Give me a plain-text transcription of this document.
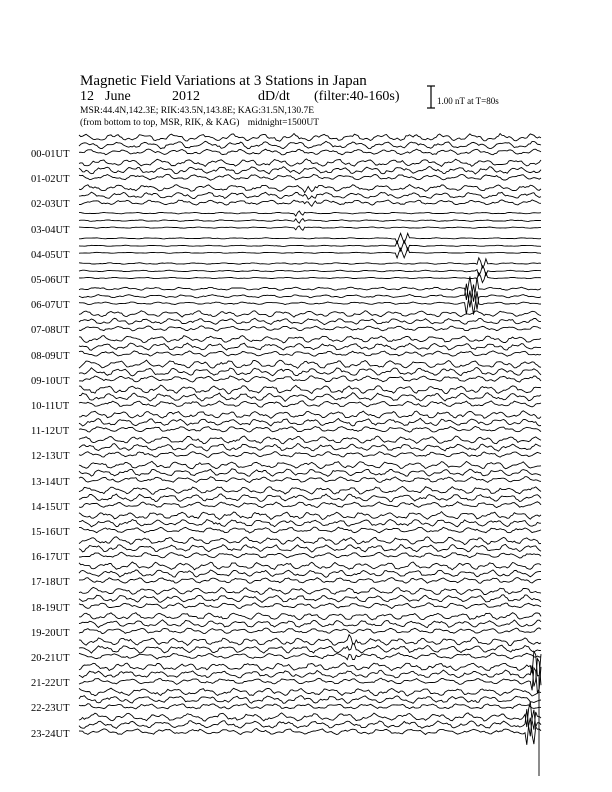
Magnetic Field Variations at 3 Stations in Japan
12 June	2012	dD/dt (filter:40-160s)
MSR:44.4N,142.3E; RIK:43.5N,143.8E; KAG:31.5N,130.7E
(from bottom to top, MSR, RIK, & KAG) midnight=1500UT
1.00 nT at T=80s
00-01UT
01-02UT
02-03UT
03-04UT
04-05UT
05-06UT
06-07UT
07-08UT
08-09UT
09-10UT
10-11UT
11-12UT
12-13UT
13-14UT
14-15UT
15-16UT
16-17UT
17-18UT
18-19UT
19-20UT
20-21UT
21-22UT
22-23UT
23-24UT
